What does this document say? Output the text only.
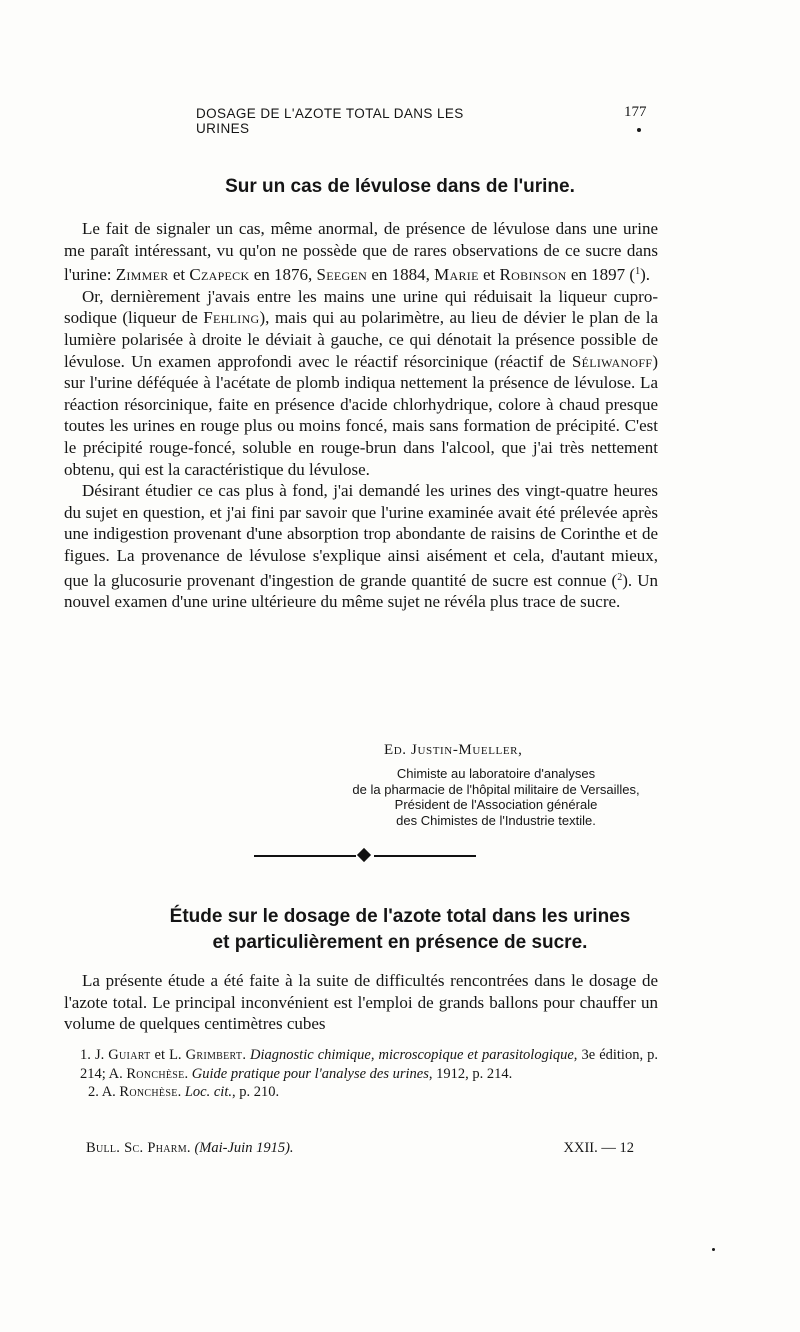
DOSAGE DE L'AZOTE TOTAL DANS LES URINES
177
Sur un cas de lévulose dans de l'urine.

Le fait de signaler un cas, même anormal, de présence de lévulose dans une urine me paraît intéressant, vu qu'on ne possède que de rares observations de ce sucre dans l'urine: Zimmer et Czapeck en 1876, Seegen en 1884, Marie et Robinson en 1897 ($^1$).

Or, dernièrement j'avais entre les mains une urine qui réduisait la liqueur cupro-sodique (liqueur de Fehling), mais qui au polarimètre, au lieu de dévier le plan de la lumière polarisée à droite le déviait à gauche, ce qui dénotait la présence possible de lévulose. Un examen approfondi avec le réactif résorcinique (réactif de Séliwanoff) sur l'urine déféquée à l'acétate de plomb indiqua nettement la présence de lévulose. La réaction résorcinique, faite en présence d'acide chlorhydrique, colore à chaud presque toutes les urines en rouge plus ou moins foncé, mais sans formation de précipité. C'est le précipité rouge-foncé, soluble en rouge-brun dans l'alcool, que j'ai très nettement obtenu, qui est la caractéristique du lévulose.

Désirant étudier ce cas plus à fond, j'ai demandé les urines des vingt-quatre heures du sujet en question, et j'ai fini par savoir que l'urine examinée avait été prélevée après une indigestion provenant d'une absorption trop abondante de raisins de Corinthe et de figues. La provenance de lévulose s'explique ainsi aisément et cela, d'autant mieux, que la glucosurie provenant d'ingestion de grande quantité de sucre est connue ($^2$). Un nouvel examen d'une urine ultérieure du même sujet ne révéla plus trace de sucre.

Ed. Justin-Mueller,
Chimiste au laboratoire d'analyses
de la pharmacie de l'hôpital militaire de Versailles,
Président de l'Association générale
des Chimistes de l'Industrie textile.
Étude sur le dosage de l'azote total dans les urines
et particulièrement en présence de sucre.

La présente étude a été faite à la suite de difficultés rencontrées dans le dosage de l'azote total. Le principal inconvénient est l'emploi de grands ballons pour chauffer un volume de quelques centimètres cubes

1. J. Guiart et L. Grimbert. Diagnostic chimique, microscopique et parasitologique, 3e édition, p. 214; A. Ronchèse. Guide pratique pour l'analyse des urines, 1912, p. 214.

2. A. Ronchèse. Loc. cit., p. 210.

Bull. Sc. Pharm. (Mai-Juin 1915).	XXII. — 12
